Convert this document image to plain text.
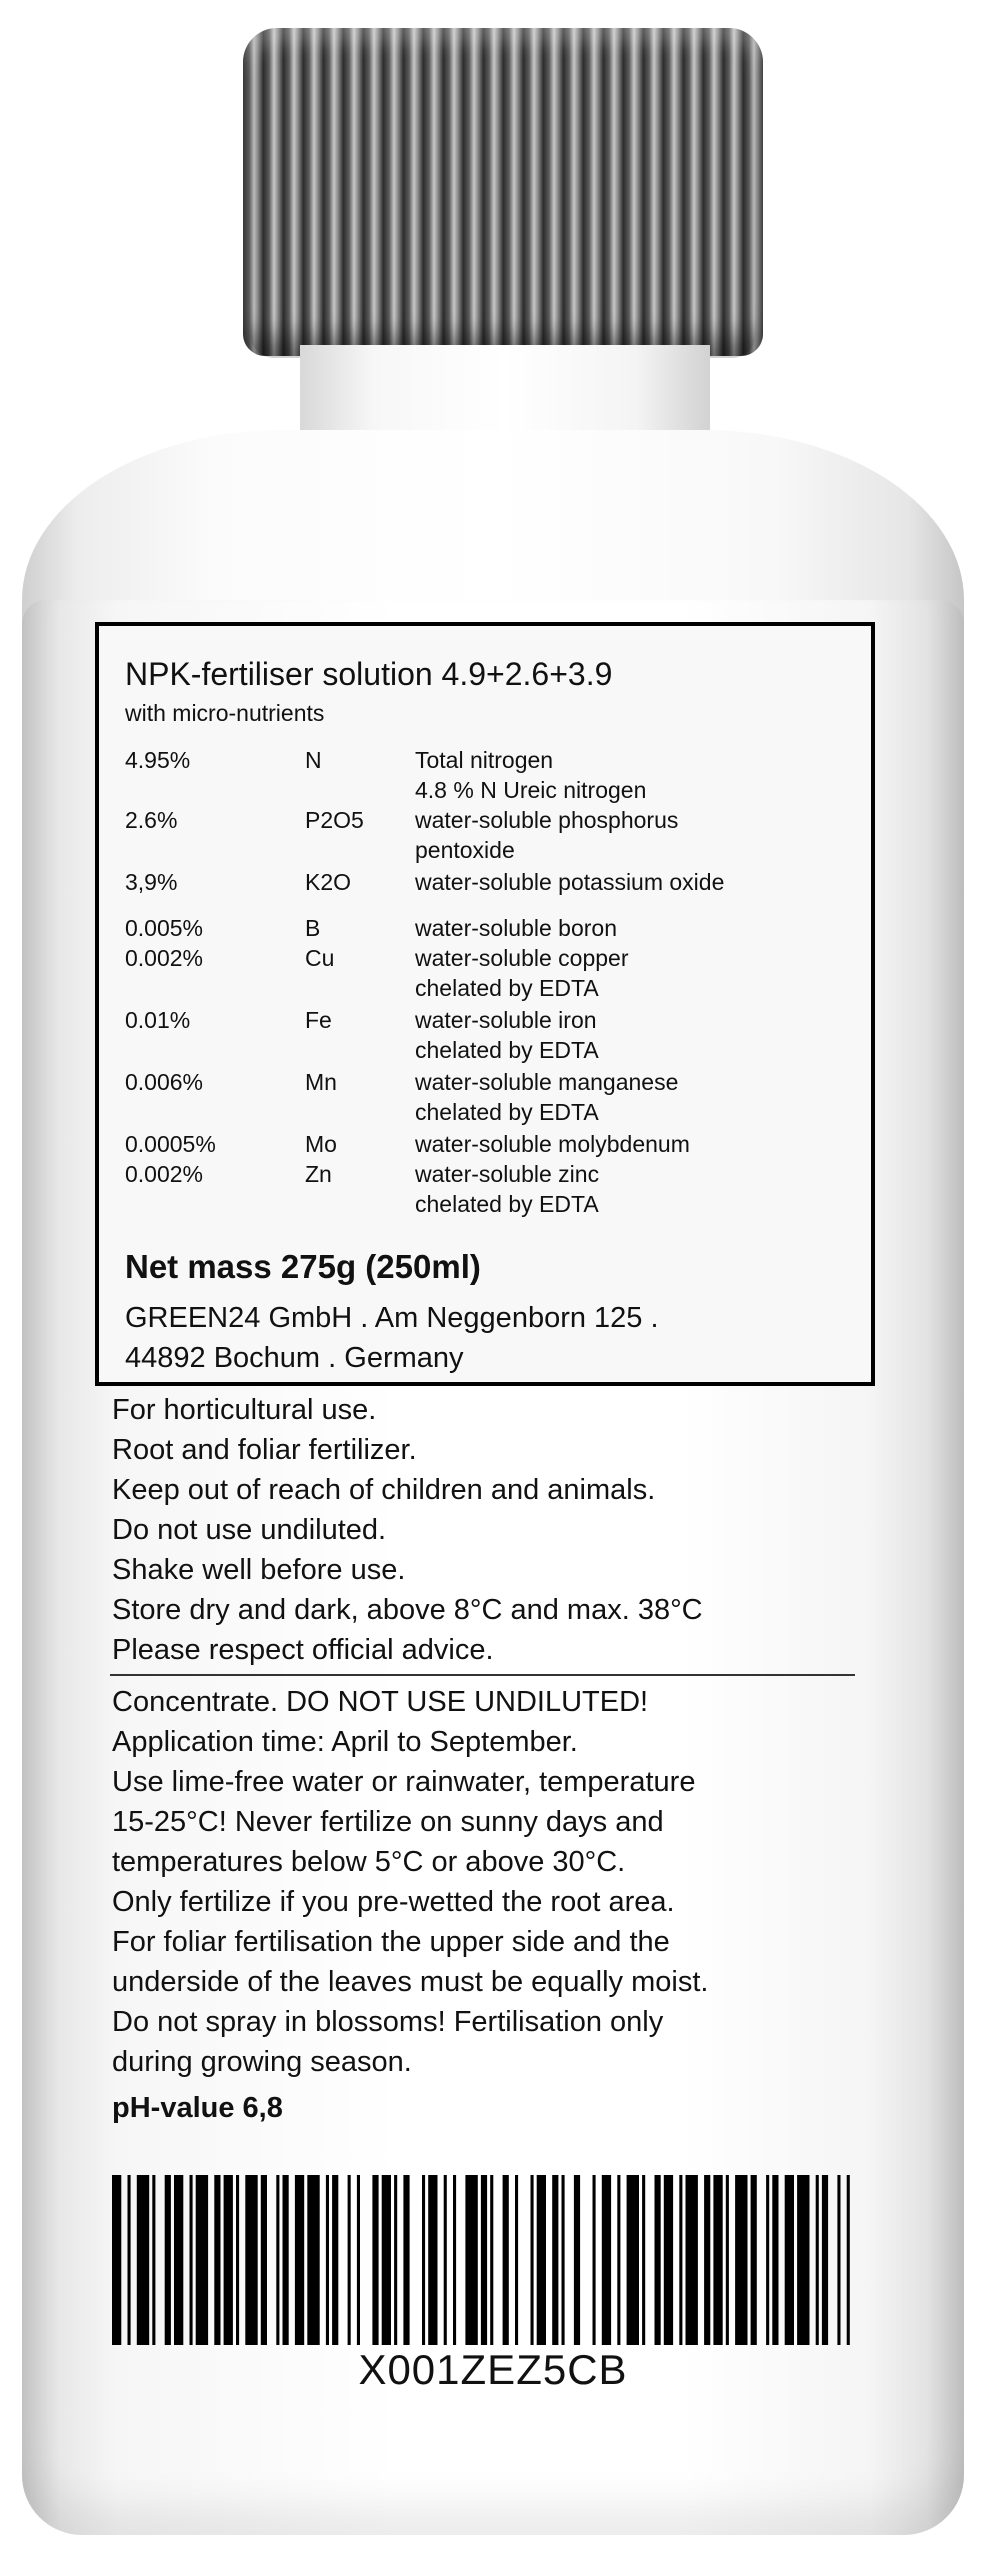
NPK-fertiliser solution 4.9+2.6+3.9
with micro-nutrients
4.95%	N	Total nitrogen
4.8 % N Ureic nitrogen
2.6%	P2O5 water-soluble phosphorus
pentoxide
3,9%	K2O	water-soluble potassium oxide
0.005%	B	water-soluble boron
0.002%	Cu	water-soluble copper
chelated by EDTA
0.01%	Fe	water-soluble iron
chelated by EDTA
0.006%	Mn	water-soluble manganese
chelated by EDTA
0.0005%	Mo	water-soluble molybdenum
0.002%	Zn	water-soluble zinc
chelated by EDTA
Net mass 275g (250ml)
GREEN24 GmbH . Am Neggenborn 125 .
44892 Bochum . Germany
For horticultural use.
Root and foliar fertilizer.
Keep out of reach of children and animals.
Do not use undiluted.
Shake well before use.
Store dry and dark, above 8°C and max. 38°C
Please respect official advice.
Concentrate. DO NOT USE UNDILUTED!
Application time: April to September.
Use lime-free water or rainwater, temperature
15-25°C! Never fertilize on sunny days and
temperatures below 5°C or above 30°C.
Only fertilize if you pre-wetted the root area.
For foliar fertilisation the upper side and the
underside of the leaves must be equally moist.
Do not spray in blossoms! Fertilisation only
during growing season.
pH-value 6,8
X001ZEZ5CB
